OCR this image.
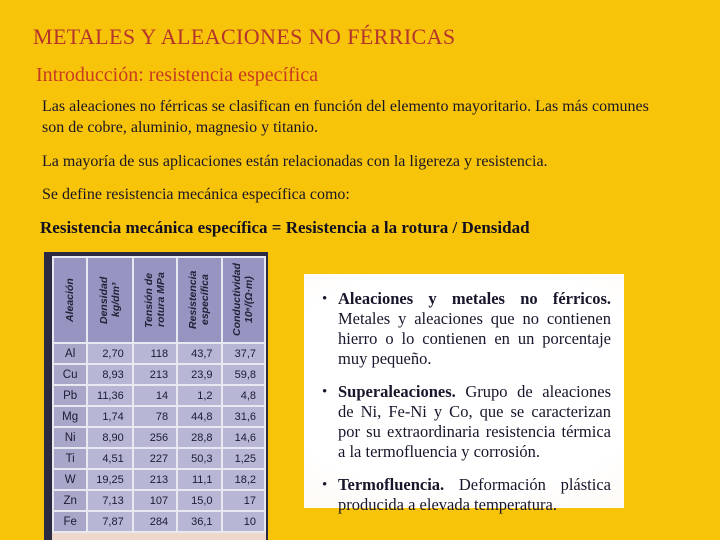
METALES Y ALEACIONES NO FÉRRICAS
Introducción: resistencia específica

Las aleaciones no férricas se clasifican en función del elemento mayoritario. Las más comunes son de cobre, aluminio, magnesio y titanio.

La mayoría de sus aplicaciones están relacionadas con la ligereza y resistencia.

Se define resistencia mecánica específica como:

Resistencia mecánica específica = Resistencia a la rotura / Densidad

Aleación	Densidad kg/dm³	Tensión de rotura MPa	Resistencia específica	Conductividad 10⁶/(Ω·m)

Al	2,70	118	43,7	37,7
Cu	8,93	213	23,9	59,8
Pb	11,36	14	1,2	4,8
Mg	1,74	78	44,8	31,6
Ni	8,90	256	28,8	14,6
Ti	4,51	227	50,3	1,25
W	19,25	213	11,1	18,2
Zn	7,13	107	15,0	17
Fe	7,87	284	36,1	10
• Aleaciones y metales no férricos. Metales y aleaciones que no contienen hierro o lo contienen en un porcentaje muy pequeño.
• Superaleaciones. Grupo de aleaciones de Ni, Fe-Ni y Co, que se caracterizan por su extraordinaria resistencia térmica a la termofluencia y corrosión.
• Termofluencia. Deformación plástica producida a elevada temperatura.
